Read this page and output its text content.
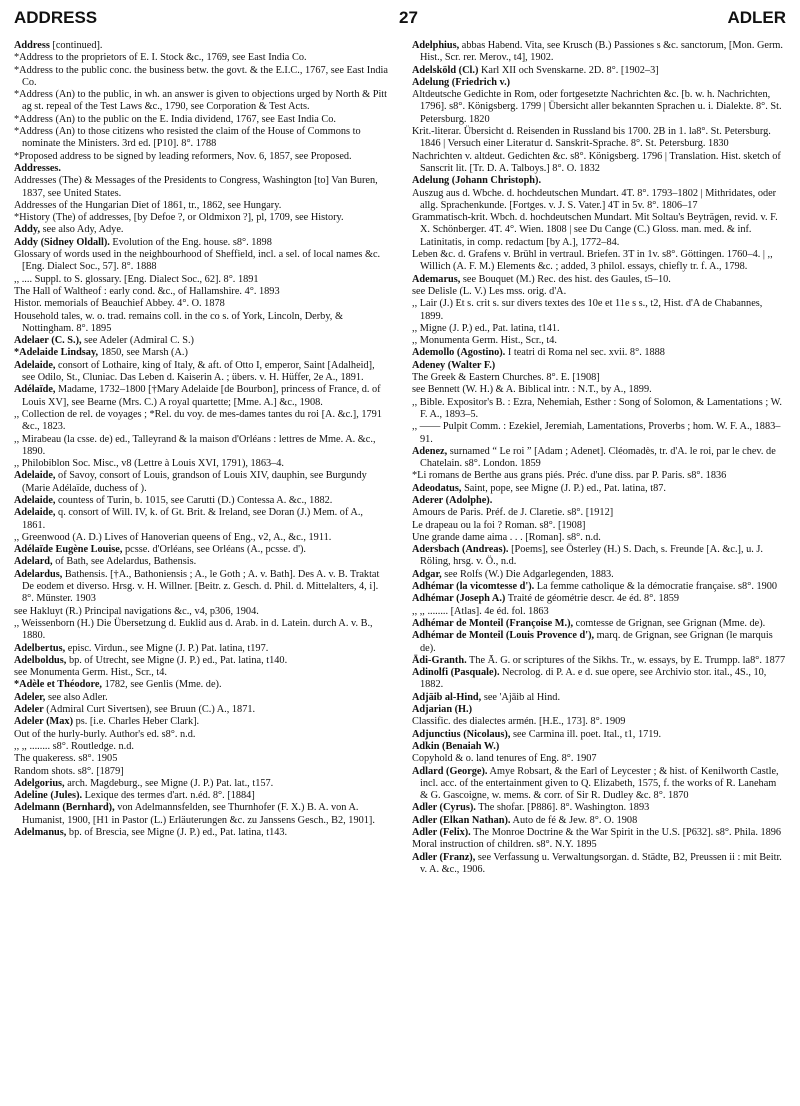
ADDRESS	27	ADLER
Address [continued].
*Address to the proprietors of E. I. Stock &c., 1769, see East India Co.
*Address to the public conc. the business betw. the govt. & the E.I.C., 1767, see East India Co.
*Address (An) to the public, in wh. an answer is given to objections urged by North & Pitt ag st. repeal of the Test Laws &c., 1790, see Corporation & Test Acts.
*Address (An) to the public on the E. India dividend, 1767, see East India Co.
*Address (An) to those citizens who resisted the claim of the House of Commons to nominate the Ministers. 3rd ed. [P10]. 8°. 1788
*Proposed address to be signed by leading reformers, Nov. 6, 1857, see Proposed.
Addresses.
Addresses (The) & Messages of the Presidents to Congress, Washington [to] Van Buren, 1837, see United States.
Addresses of the Hungarian Diet of 1861, tr., 1862, see Hungary.
*History (The) of addresses, [by Defoe ?, or Oldmixon ?], pl, 1709, see History.
Addy, see also Ady, Adye.
Addy (Sidney Oldall). Evolution of the Eng. house. s8°. 1898
Glossary of words used in the neighbourhood of Sheffield, incl. a sel. of local names &c. [Eng. Dialect Soc., 57]. 8°. 1888
,, .... Suppl. to S. glossary. [Eng. Dialect Soc., 62]. 8°. 1891
The Hall of Waltheof : early cond. &c., of Hallamshire. 4°. 1893
Histor. memorials of Beauchief Abbey. 4°. O. 1878
Household tales, w. o. trad. remains coll. in the co s. of York, Lincoln, Derby, & Nottingham. 8°. 1895
Adelaer (C. S.), see Adeler (Admiral C. S.)
*Adelaide Lindsay, 1850, see Marsh (A.)
Adelaide, consort of Lothaire, king of Italy, & aft. of Otto I, emperor, Saint [Adalheid], see Odilo, St., Cluniac. Das Leben d. Kaiserin A. ; übers. v. H. Hüffer, 2e A., 1891.
Adélaïde, Madame, 1732–1800 [†Mary Adelaide [de Bourbon], princess of France, d. of Louis XV], see Bearne (Mrs. C.) A royal quartette; [Mme. A.] &c., 1908.
,, Collection de rel. de voyages ; *Rel. du voy. de mes-dames tantes du roi [A. &c.], 1791 &c., 1823.
,, Mirabeau (la csse. de) ed., Talleyrand & la maison d'Orléans : lettres de Mme. A. &c., 1890.
,, Philobiblon Soc. Misc., v8 (Lettre à Louis XVI, 1791), 1863–4.
Adelaide, of Savoy, consort of Louis, grandson of Louis XIV, dauphin, see Burgundy (Marie Adélaïde, duchess of ).
Adelaide, countess of Turin, b. 1015, see Carutti (D.) Contessa A. &c., 1882.
Adelaide, q. consort of Will. IV, k. of Gt. Brit. & Ireland, see Doran (J.) Mem. of A., 1861.
,, Greenwood (A. D.) Lives of Hanoverian queens of Eng., v2, A., &c., 1911.
Adélaïde Eugène Louise, pcsse. d'Orléans, see Orléans (A., pcsse. d').
Adelard, of Bath, see Adelardus, Bathensis.
Adelardus, Bathensis. [†A., Bathoniensis ; A., le Goth ; A. v. Bath]. Des A. v. B. Traktat De eodem et diverso. Hrsg. v. H. Willner. [Beitr. z. Gesch. d. Phil. d. Mittelalters, 4, i]. 8°. Münster. 1903
see Hakluyt (R.) Principal navigations &c., v4, p306, 1904.
,, Weissenborn (H.) Die Übersetzung d. Euklid aus d. Arab. in d. Latein. durch A. v. B., 1880.
Adelbertus, episc. Virdun., see Migne (J. P.) Pat. latina, t197.
Adelboldus, bp. of Utrecht, see Migne (J. P.) ed., Pat. latina, t140.
see Monumenta Germ. Hist., Scr., t4.
*Adèle et Théodore, 1782, see Genlis (Mme. de).
Adeler, see also Adler.
Adeler (Admiral Curt Sivertsen), see Bruun (C.) A., 1871.
Adeler (Max) ps. [i.e. Charles Heber Clark].
Out of the hurly-burly. Author's ed. s8°. n.d.
,, ,, ........ s8°. Routledge. n.d.
The quakeress. s8°. 1905
Random shots. s8°. [1879]
Adelgorius, arch. Magdeburg., see Migne (J. P.) Pat. lat., t157.
Adeline (Jules). Lexique des termes d'art. n.éd. 8°. [1884]
Adelmann (Bernhard), von Adelmannsfelden, see Thurnhofer (F. X.) B. A. von A. Humanist, 1900, [H1 in Pastor (L.) Erläuterungen &c. zu Janssens Gesch., B2, 1901].
Adelmanus, bp. of Brescia, see Migne (J. P.) ed., Pat. latina, t143.
Adelphius, abbas Habend. Vita, see Krusch (B.) Passiones s &c. sanctorum, [Mon. Germ. Hist., Scr. rer. Merov., t4], 1902.
Adelsköld (Cl.) Karl XII och Svenskarne. 2D. 8°. [1902–3]
Adelung (Friedrich v.)
Altdeutsche Gedichte in Rom, oder fortgesetzte Nachrichten &c. [b. w. h. Nachrichten, 1796]. s8°. Königsberg. 1799 | Übersicht aller bekannten Sprachen u. i. Dialekte. 8°. St. Petersburg. 1820
Krit.-literar. Übersicht d. Reisenden in Russland bis 1700. 2B in 1. la8°. St. Petersburg. 1846 | Versuch einer Literatur d. Sanskrit-Sprache. 8°. St. Petersburg. 1830
Nachrichten v. altdeut. Gedichten &c. s8°. Königsberg. 1796 | Translation. Hist. sketch of Sanscrit lit. [Tr. D. A. Talboys.] 8°. O. 1832
Adelung (Johann Christoph).
Auszug aus d. Wbche. d. hochdeutschen Mundart. 4T. 8°. 1793–1802 | Mithridates, oder allg. Sprachenkunde. [Fortges. v. J. S. Vater.] 4T in 5v. 8°. 1806–17
Grammatisch-krit. Wbch. d. hochdeutschen Mundart. Mit Soltau's Beyträgen, revid. v. F. X. Schönberger. 4T. 4°. Wien. 1808 | see Du Cange (C.) Gloss. man. med. & inf. Latinitatis, in comp. redactum [by A.], 1772–84.
Leben &c. d. Grafens v. Brühl in vertraul. Briefen. 3T in 1v. s8°. Göttingen. 1760–4. | ,, Willich (A. F. M.) Elements &c. ; added, 3 philol. essays, chiefly tr. f. A., 1798.
Ademarus, see Bouquet (M.) Rec. des hist. des Gaules, t5–10.
see Delisle (L. V.) Les mss. orig. d'A.
,, Lair (J.) Et s. crit s. sur divers textes des 10e et 11e s s., t2, Hist. d'A de Chabannes, 1899.
,, Migne (J. P.) ed., Pat. latina, t141.
,, Monumenta Germ. Hist., Scr., t4.
Ademollo (Agostino). I teatri di Roma nel sec. xvii. 8°. 1888
Adeney (Walter F.)
The Greek & Eastern Churches. 8°. E. [1908]
see Bennett (W. H.) & A. Biblical intr. : N.T., by A., 1899.
,, Bible. Expositor's B. : Ezra, Nehemiah, Esther : Song of Solomon, & Lamentations ; W. F. A., 1893–5.
,, —— Pulpit Comm. : Ezekiel, Jeremiah, Lamentations, Proverbs ; hom. W. F. A., 1883–91.
Adenez, surnamed “ Le roi ” [Adam ; Adenet]. Cléomadès, tr. d'A. le roi, par le chev. de Chatelain. s8°. London. 1859
*Li romans de Berthe aus grans piés. Préc. d'une diss. par P. Paris. s8°. 1836
Adeodatus, Saint, pope, see Migne (J. P.) ed., Pat. latina, t87.
Aderer (Adolphe).
Amours de Paris. Préf. de J. Claretie. s8°. [1912]
Le drapeau ou la foi ? Roman. s8°. [1908]
Une grande dame aima . . . [Roman]. s8°. n.d.
Adersbach (Andreas). [Poems], see Österley (H.) S. Dach, s. Freunde [A. &c.], u. J. Röling, hrsg. v. Ö., n.d.
Adgar, see Rolfs (W.) Die Adgarlegenden, 1883.
Adhémar (la vicomtesse d'). La femme catholique & la démocratie française. s8°. 1900
Adhémar (Joseph A.) Traité de géométrie descr. 4e éd. 8°. 1859
,, ,, ........ [Atlas]. 4e éd. fol. 1863
Adhémar de Monteil (Françoise M.), comtesse de Grignan, see Grignan (Mme. de).
Adhémar de Monteil (Louis Provence d'), marq. de Grignan, see Grignan (le marquis de).
Ādi-Granth. The Ā. G. or scriptures of the Sikhs. Tr., w. essays, by E. Trumpp. la8°. 1877
Adinolfi (Pasquale). Necrolog. di P. A. e d. sue opere, see Archivio stor. ital., 4S., 10, 1882.
Adjāib al-Hind, see 'Ajāib al Hind.
Adjarian (H.)
Classific. des dialectes armén. [H.E., 173]. 8°. 1909
Adjunctius (Nicolaus), see Carmina ill. poet. Ital., t1, 1719.
Adkin (Benaiah W.)
Copyhold & o. land tenures of Eng. 8°. 1907
Adlard (George). Amye Robsart, & the Earl of Leycester ; & hist. of Kenilworth Castle, incl. acc. of the entertainment given to Q. Elizabeth, 1575, f. the works of R. Laneham & G. Gascoigne, w. mems. & corr. of Sir R. Dudley &c. 8°. 1870
Adler (Cyrus). The shofar. [P886]. 8°. Washington. 1893
Adler (Elkan Nathan). Auto de fé & Jew. 8°. O. 1908
Adler (Felix). The Monroe Doctrine & the War Spirit in the U.S. [P632]. s8°. Phila. 1896
Moral instruction of children. s8°. N.Y. 1895
Adler (Franz), see Verfassung u. Verwaltungsorgan. d. Städte, B2, Preussen ii : mit Beitr. v. A. &c., 1906.
